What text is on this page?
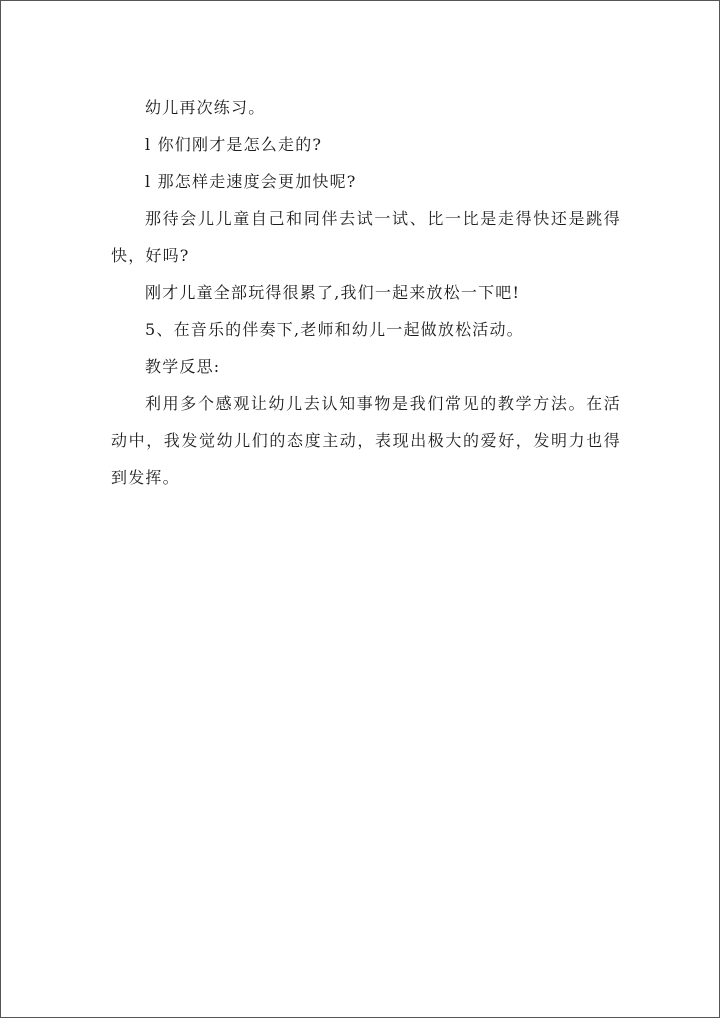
幼儿再次练习。

l 你们刚才是怎么走的?

l 那怎样走速度会更加快呢?

那待会儿儿童自己和同伴去试一试、比一比是走得快还是跳得快，好吗?

刚才儿童全部玩得很累了,我们一起来放松一下吧!

5、在音乐的伴奏下,老师和幼儿一起做放松活动。

教学反思:

利用多个感观让幼儿去认知事物是我们常见的教学方法。在活动中，我发觉幼儿们的态度主动，表现出极大的爱好，发明力也得到发挥。
